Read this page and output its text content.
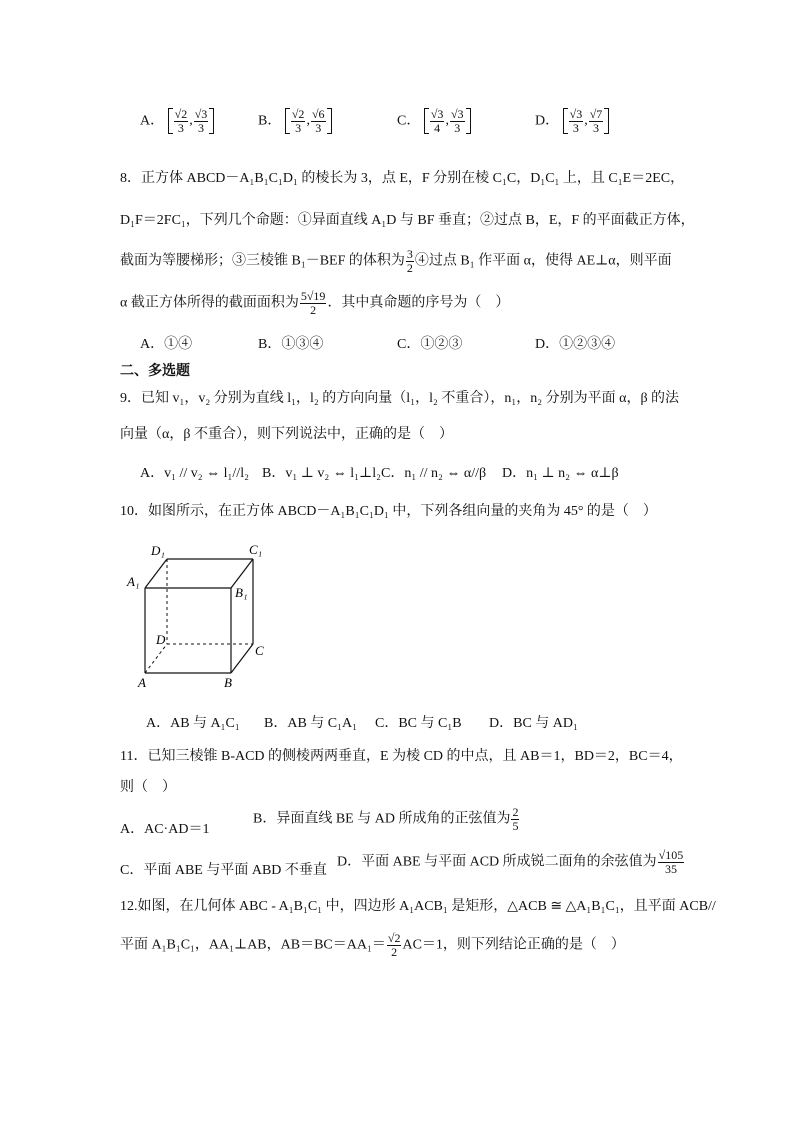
A． $\frac{√2}{3}$ , $\frac{√3}{3}$	B． $\frac{√2}{3}$ , $\frac{√6}{3}$	C． $\frac{√3}{4}$ , $\frac{√3}{3}$	D． $\frac{√3}{3}$ , $\frac{√7}{3}$
8．正方体 ABCD－A₁B₁C₁D₁ 的棱长为 3，点 E，F 分别在棱 C₁C，D₁C₁ 上，且 C₁E＝2EC，
D₁F＝2FC₁，下列几个命题：①异面直线 A₁D 与 BF 垂直；②过点 B，E，F 的平面截正方体，
截面为等腰梯形；③三棱锥 B₁－BEF 的体积为 $\frac{3}{2}$ ④过点 B₁ 作平面 α，使得 AE⊥α，则平面
α 截正方体所得的截面面积为 $\frac{5√19}{2}$ ．其中真命题的序号为（　）
A．①④	B．①③④	C．①②③	D．①②③④
二、多选题
9．已知 v₁，v₂ 分别为直线 l₁，l₂ 的方向向量（l₁，l₂ 不重合），n₁，n₂ 分别为平面 α，β 的法
向量（α，β 不重合），则下列说法中，正确的是（　）
A．v₁ // v₂ ⇔ l₁//l₂ B．v₁ ⊥ v₂ ⇔ l₁⊥l₂ C．n₁ // n₂ ⇔ α//β D．n₁ ⊥ n₂ ⇔ α⊥β
10．如图所示，在正方体 ABCD－A₁B₁C₁D₁ 中，下列各组向量的夹角为 45° 的是（　）
D₁	C₁
A₁
B₁
D
C
A	B
A．AB 与 A₁C₁ B．AB 与 C₁A₁ C．BC 与 C₁B D．BC 与 AD₁
11．已知三棱锥 B-ACD 的侧棱两两垂直，E 为棱 CD 的中点，且 AB＝1，BD＝2，BC＝4，
则（　）
A．AC·AD＝1
B．异面直线 BE 与 AD 所成角的正弦值为 $\frac{2}{5}$
C．平面 ABE 与平面 ABD 不垂直
D．平面 ABE 与平面 ACD 所成锐二面角的余弦值为 $\frac{√105}{35}$
12.如图，在几何体 ABC - A₁B₁C₁ 中，四边形 A₁ACB₁ 是矩形，△ACB ≅ △A₁B₁C₁，且平面 ACB//
平面 A₁B₁C₁，AA₁⊥AB，$AB=BC=AA_1= \frac{√2}{2} AC=1$，则下列结论正确的是（　）
